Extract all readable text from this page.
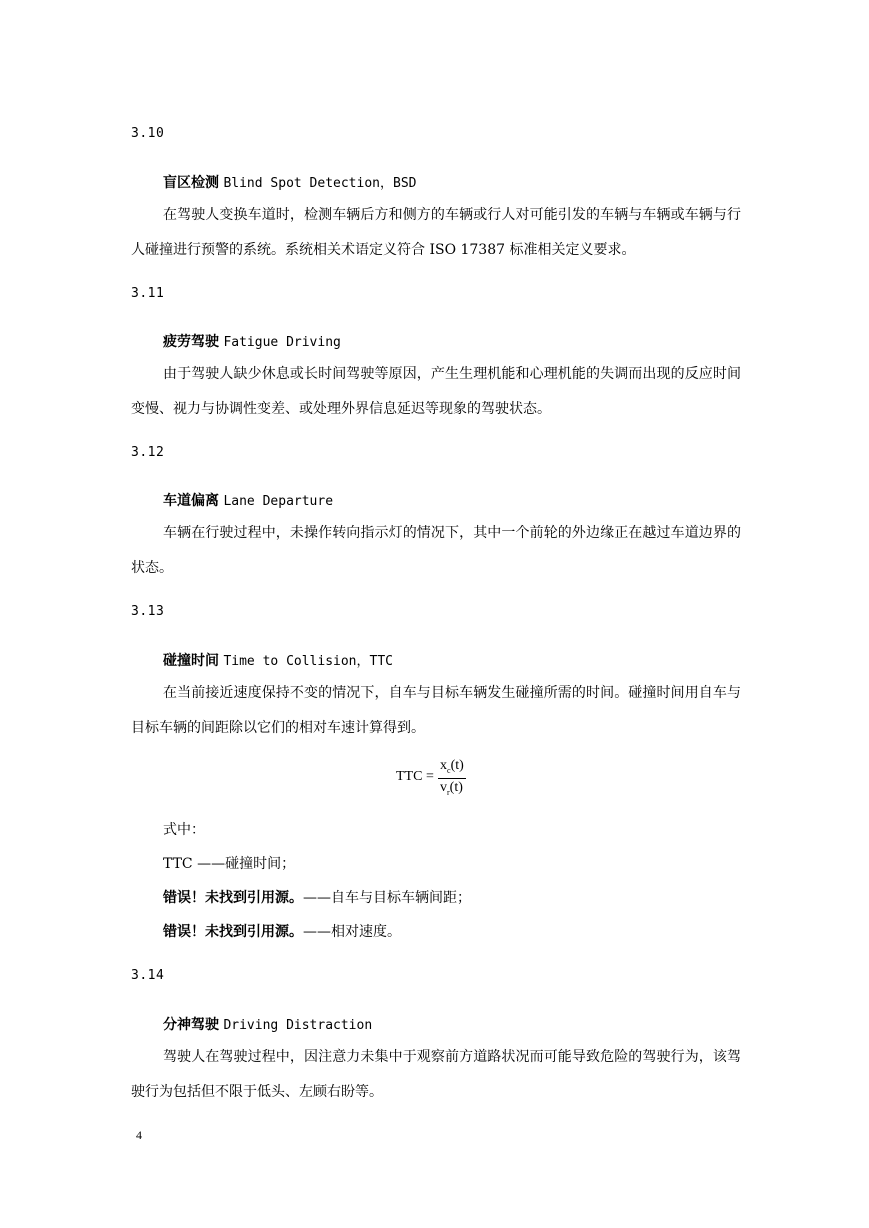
3.10
盲区检测 Blind Spot Detection，BSD
在驾驶人变换车道时，检测车辆后方和侧方的车辆或行人对可能引发的车辆与车辆或车辆与行人碰撞进行预警的系统。系统相关术语定义符合 ISO 17387 标准相关定义要求。
3.11
疲劳驾驶 Fatigue Driving
由于驾驶人缺少休息或长时间驾驶等原因，产生生理机能和心理机能的失调而出现的反应时间变慢、视力与协调性变差、或处理外界信息延迟等现象的驾驶状态。
3.12
车道偏离 Lane Departure
车辆在行驶过程中，未操作转向指示灯的情况下，其中一个前轮的外边缘正在越过车道边界的状态。
3.13
碰撞时间 Time to Collision，TTC
在当前接近速度保持不变的情况下，自车与目标车辆发生碰撞所需的时间。碰撞时间用自车与目标车辆的间距除以它们的相对车速计算得到。
TTC =
$x_c(t)$
$v_r(t)$
式中：
TTC ——碰撞时间；
错误！未找到引用源。——自车与目标车辆间距；
错误！未找到引用源。——相对速度。
3.14
分神驾驶 Driving Distraction
驾驶人在驾驶过程中，因注意力未集中于观察前方道路状况而可能导致危险的驾驶行为，该驾驶行为包括但不限于低头、左顾右盼等。
4
